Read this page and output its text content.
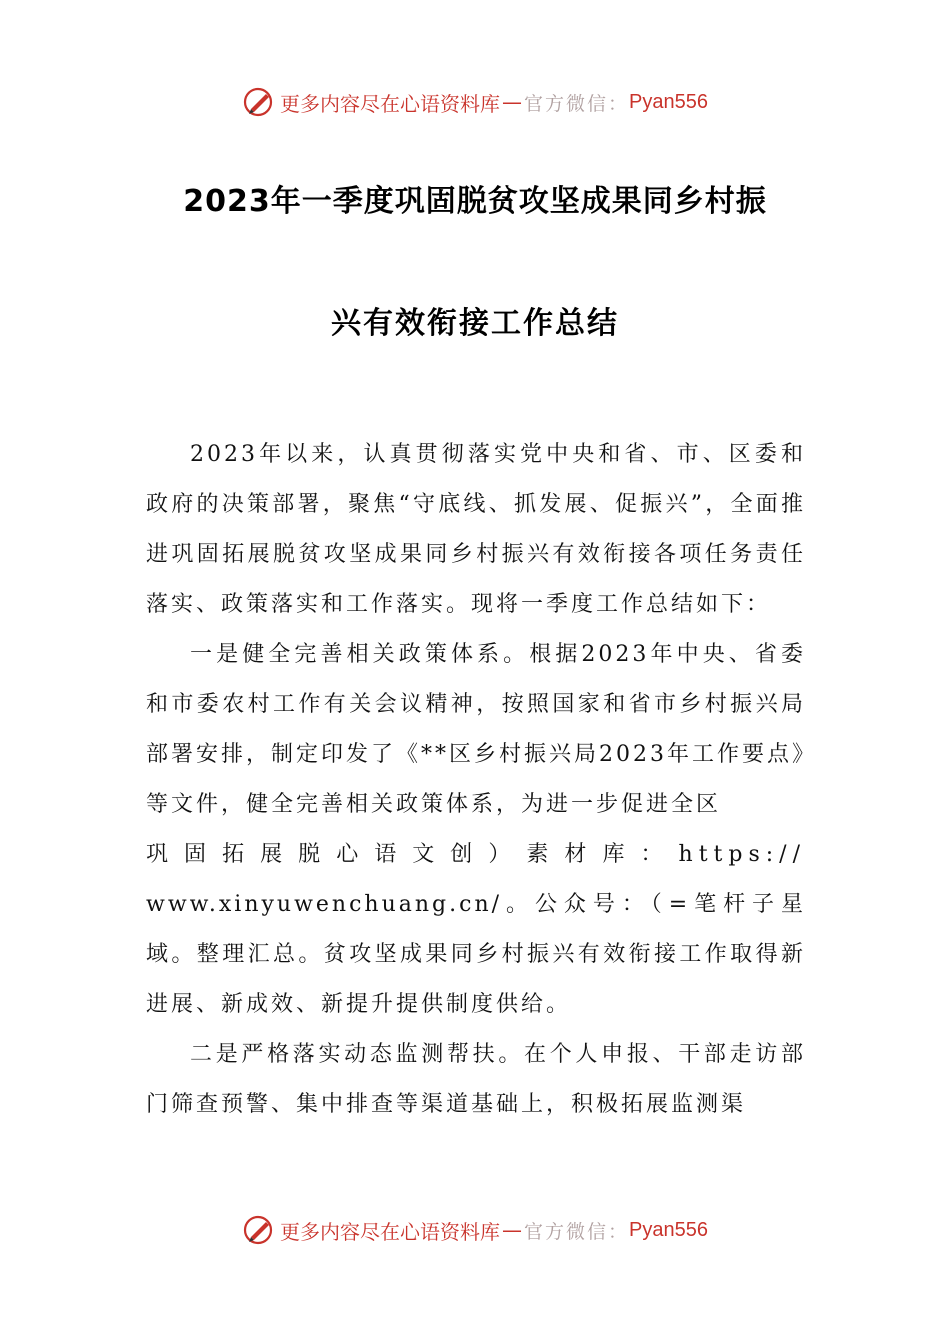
更多内容尽在心语资料库 — 官方微信： Pyan556
2023年一季度巩固脱贫攻坚成果同乡村振
兴有效衔接工作总结

2023年以来，认真贯彻落实党中央和省、市、区委和政府的决策部署，聚焦“守底线、抓发展、促振兴”，全面推进巩固拓展脱贫攻坚成果同乡村振兴有效衔接各项任务责任落实、政策落实和工作落实。现将一季度工作总结如下：

一是健全完善相关政策体系。根据2023年中央、省委和市委农村工作有关会议精神，按照国家和省市乡村振兴局部署安排，制定印发了《**区乡村振兴局2023年工作要点》等文件，健全完善相关政策体系，为进一步促进全区

巩固拓展脱心语文创）素材库：https://

www.xinyuwenchuang.cn/。公众号：（=笔杆子星域。整理汇总。贫攻坚成果同乡村振兴有效衔接工作取得新进展、新成效、新提升提供制度供给。

二是严格落实动态监测帮扶。在个人申报、干部走访部门筛查预警、集中排查等渠道基础上，积极拓展监测渠

更多内容尽在心语资料库 — 官方微信： Pyan556
